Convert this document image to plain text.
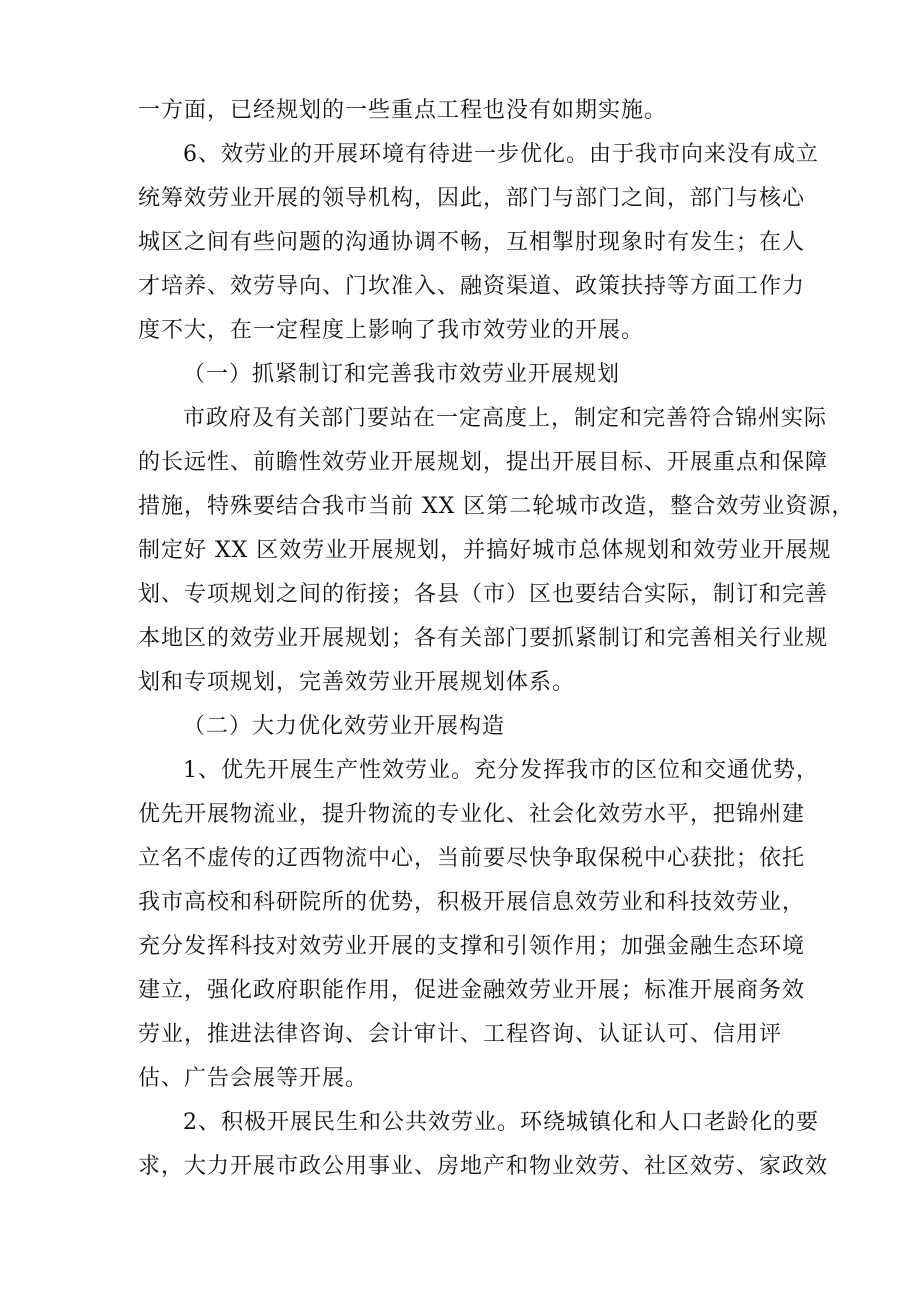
一方面，已经规划的一些重点工程也没有如期实施。
6、效劳业的开展环境有待进一步优化。由于我市向来没有成立
统筹效劳业开展的领导机构，因此，部门与部门之间，部门与核心
城区之间有些问题的沟通协调不畅，互相掣肘现象时有发生；在人
才培养、效劳导向、门坎准入、融资渠道、政策扶持等方面工作力
度不大，在一定程度上影响了我市效劳业的开展。
（一）抓紧制订和完善我市效劳业开展规划
市政府及有关部门要站在一定高度上，制定和完善符合锦州实际
的长远性、前瞻性效劳业开展规划，提出开展目标、开展重点和保障
措施，特殊要结合我市当前 XX 区第二轮城市改造，整合效劳业资源，
制定好 XX 区效劳业开展规划，并搞好城市总体规划和效劳业开展规
划、专项规划之间的衔接；各县（市）区也要结合实际，制订和完善
本地区的效劳业开展规划；各有关部门要抓紧制订和完善相关行业规
划和专项规划，完善效劳业开展规划体系。
（二）大力优化效劳业开展构造
1、优先开展生产性效劳业。充分发挥我市的区位和交通优势，
优先开展物流业，提升物流的专业化、社会化效劳水平，把锦州建
立名不虚传的辽西物流中心，当前要尽快争取保税中心获批；依托
我市高校和科研院所的优势，积极开展信息效劳业和科技效劳业，
充分发挥科技对效劳业开展的支撑和引领作用；加强金融生态环境
建立，强化政府职能作用，促进金融效劳业开展；标准开展商务效
劳业，推进法律咨询、会计审计、工程咨询、认证认可、信用评
估、广告会展等开展。
2、积极开展民生和公共效劳业。环绕城镇化和人口老龄化的要
求，大力开展市政公用事业、房地产和物业效劳、社区效劳、家政效
